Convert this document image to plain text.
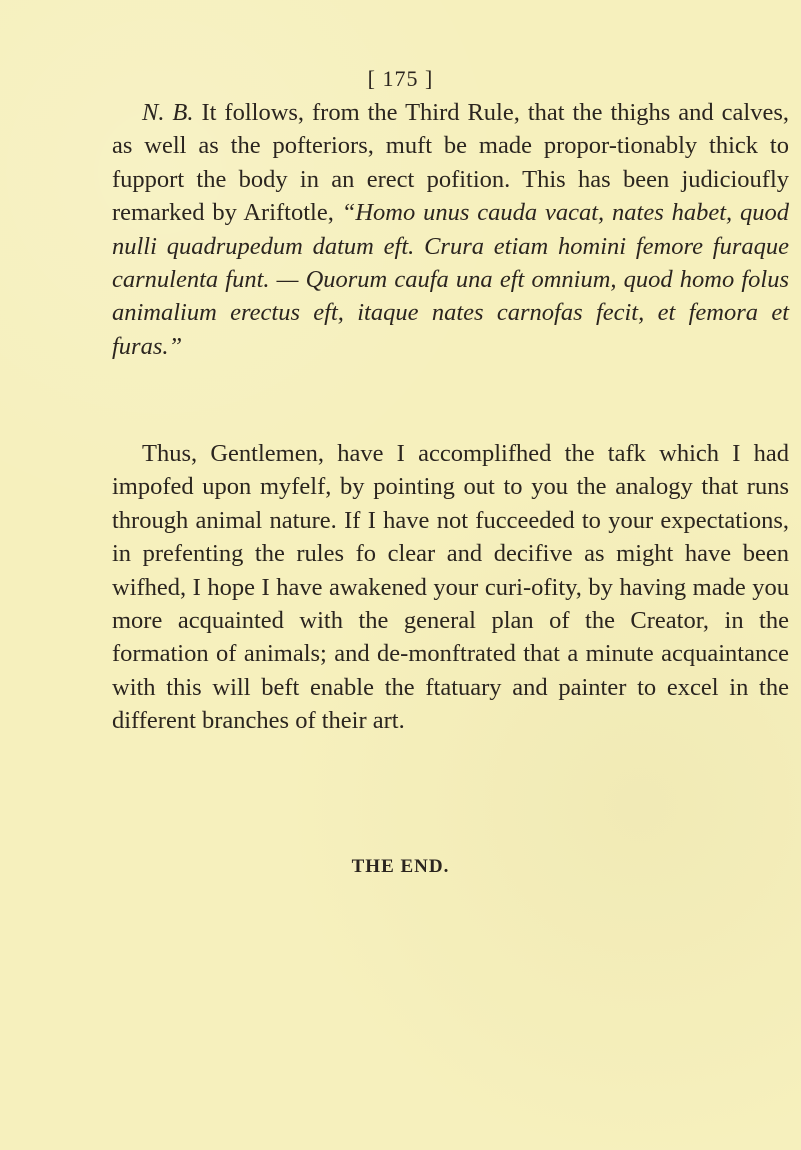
[ 175 ]

N. B. It follows, from the Third Rule, that the thighs and calves, as well as the pofteriors, muft be made propor-tionably thick to fupport the body in an erect pofition. This has been judicioufly remarked by Ariftotle, “Homo unus cauda vacat, nates habet, quod nulli quadrupedum datum eft. Crura etiam homini femore furaque carnulenta funt. — Quorum caufa una eft omnium, quod homo folus animalium erectus eft, itaque nates carnofas fecit, et femora et furas.”

Thus, Gentlemen, have I accomplifhed the tafk which I had impofed upon myfelf, by pointing out to you the analogy that runs through animal nature. If I have not fucceeded to your expectations, in prefenting the rules fo clear and decifive as might have been wifhed, I hope I have awakened your curi-ofity, by having made you more acquainted with the general plan of the Creator, in the formation of animals; and de-monftrated that a minute acquaintance with this will beft enable the ftatuary and painter to excel in the different branches of their art.

THE END.
